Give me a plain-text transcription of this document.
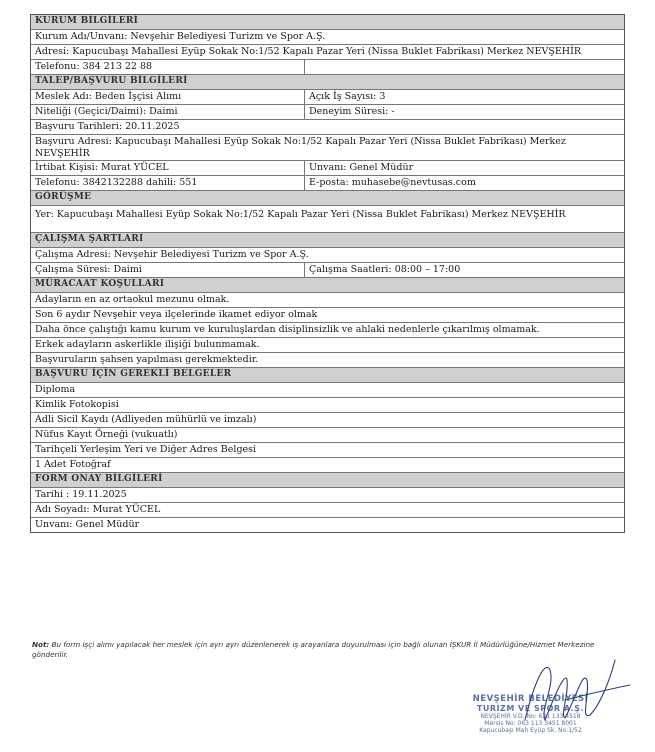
KURUM BİLGİLERİ
Kurum Adı/Unvanı: Nevşehir Belediyesi Turizm ve Spor A.Ş.
Adresi: Kapucubaşı Mahallesi Eyüp Sokak No:1/52 Kapalı Pazar Yeri (Nissa Buklet Fabrikası) Merkez NEVŞEHİR
Telefonu: 384 213 22 88
TALEP/BAŞVURU BİLGİLERİ
Meslek Adı: Beden İşçisi Alımı	Açık İş Sayısı: 3
Niteliği (Geçici/Daimi): Daimi	Deneyim Süresi: -
Başvuru Tarihleri: 20.11.2025
Başvuru Adresi: Kapucubaşı Mahallesi Eyüp Sokak No:1/52 Kapalı Pazar Yeri (Nissa Buklet Fabrikası) Merkez NEVŞEHİR
İrtibat Kişisi: Murat YÜCEL	Unvanı: Genel Müdür
Telefonu: 3842132288 dahili: 551	E-posta: muhasebe@nevtusas.com
GÖRÜŞME
Yer: Kapucubaşı Mahallesi Eyüp Sokak No:1/52 Kapalı Pazar Yeri (Nissa Buklet Fabrikası) Merkez NEVŞEHİR
ÇALIŞMA ŞARTLARI
Çalışma Adresi: Nevşehir Belediyesi Turizm ve Spor A.Ş.
Çalışma Süresi: Daimi	Çalışma Saatleri: 08:00 – 17:00
MÜRACAAT KOŞULLARI
Adayların en az ortaokul mezunu olmak.
Son 6 aydır Nevşehir veya ilçelerinde ikamet ediyor olmak
Daha önce çalıştığı kamu kurum ve kuruluşlardan disiplinsizlik ve ahlaki nedenlerle çıkarılmış olmamak.
Erkek adayların askerlikle ilişiği bulunmamak.
Başvuruların şahsen yapılması gerekmektedir.
BAŞVURU İÇİN GEREKLİ BELGELER
Diploma
Kimlik Fotokopisi
Adli Sicil Kaydı (Adliyeden mühürlü ve imzalı)
Nüfus Kayıt Örneği (vukuatlı)
Tarihçeli Yerleşim Yeri ve Diğer Adres Belgesi
1 Adet Fotoğraf
FORM ONAY BİLGİLERİ
Tarihi : 19.11.2025
Adı Soyadı: Murat YÜCEL
Unvanı: Genel Müdür
Not: Bu form işçi alımı yapılacak her meslek için ayrı ayrı düzenlenerek iş arayanlara duyurulması için bağlı olunan İŞKUR İl Müdürlüğüne/Hizmet Merkezine gönderilir.
NEVŞEHİR BELEDİYESİ
TURİZM VE SPOR A.Ş.
NEVŞEHİR V.D. No: 631 133 4518
Mersis No: 063 113 3451 8001
Kapucubaşı Mah Eyüp Sk. No:1/52
